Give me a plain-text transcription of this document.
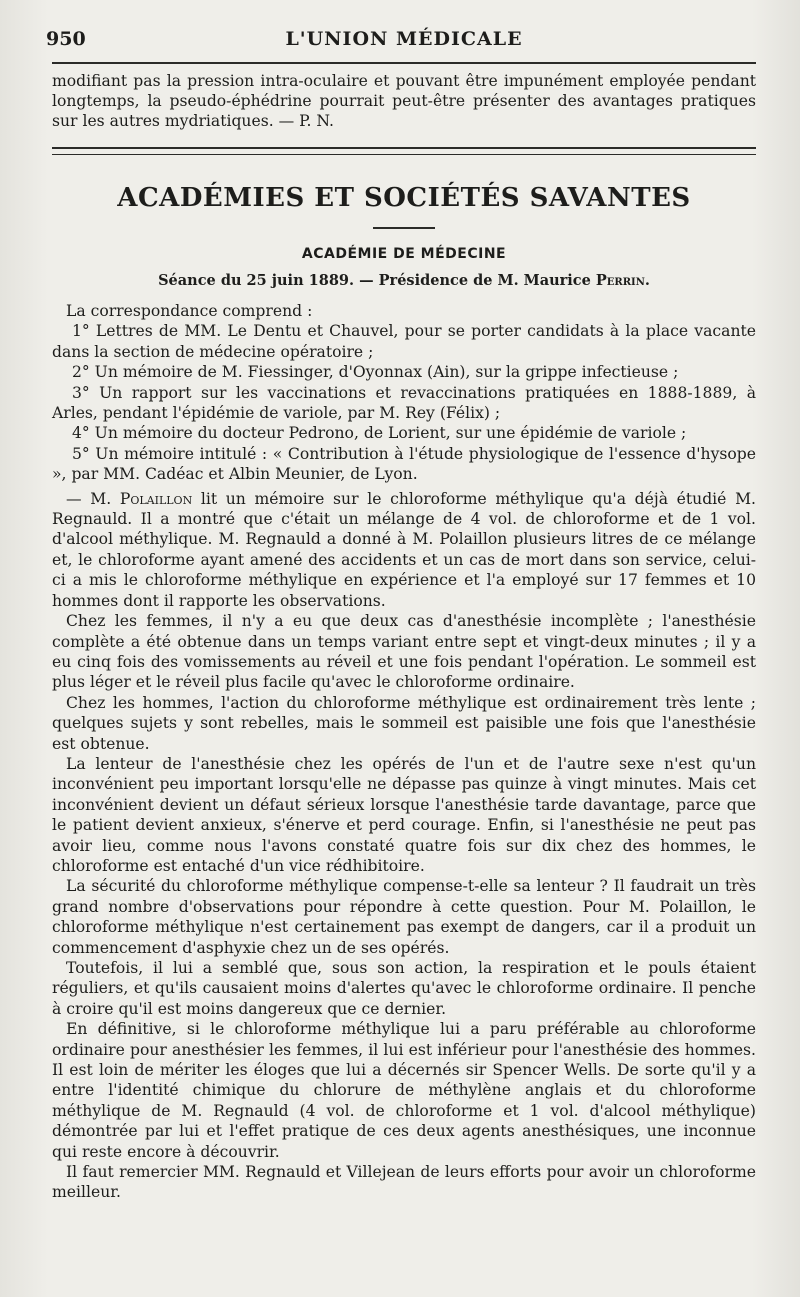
950	L'UNION MÉDICALE

modifiant pas la pression intra-oculaire et pouvant être impunément employée pendant longtemps, la pseudo-éphédrine pourrait peut-être présenter des avantages pratiques sur les autres mydriatiques. — P. N.

ACADÉMIES ET SOCIÉTÉS SAVANTES
ACADÉMIE DE MÉDECINE
Séance du 25 juin 1889. — Présidence de M. Maurice Perrin.

La correspondance comprend :

1° Lettres de MM. Le Dentu et Chauvel, pour se porter candidats à la place vacante dans la section de médecine opératoire ;

2° Un mémoire de M. Fiessinger, d'Oyonnax (Ain), sur la grippe infectieuse ;

3° Un rapport sur les vaccinations et revaccinations pratiquées en 1888-1889, à Arles, pendant l'épidémie de variole, par M. Rey (Félix) ;

4° Un mémoire du docteur Pedrono, de Lorient, sur une épidémie de variole ;

5° Un mémoire intitulé : « Contribution à l'étude physiologique de l'essence d'hysope », par MM. Cadéac et Albin Meunier, de Lyon.

— M. Polaillon lit un mémoire sur le chloroforme méthylique qu'a déjà étudié M. Regnauld. Il a montré que c'était un mélange de 4 vol. de chloroforme et de 1 vol. d'alcool méthylique. M. Regnauld a donné à M. Polaillon plusieurs litres de ce mélange et, le chloroforme ayant amené des accidents et un cas de mort dans son service, celui-ci a mis le chloroforme méthylique en expérience et l'a employé sur 17 femmes et 10 hommes dont il rapporte les observations.

Chez les femmes, il n'y a eu que deux cas d'anesthésie incomplète ; l'anesthésie complète a été obtenue dans un temps variant entre sept et vingt-deux minutes ; il y a eu cinq fois des vomissements au réveil et une fois pendant l'opération. Le sommeil est plus léger et le réveil plus facile qu'avec le chloroforme ordinaire.

Chez les hommes, l'action du chloroforme méthylique est ordinairement très lente ; quelques sujets y sont rebelles, mais le sommeil est paisible une fois que l'anesthésie est obtenue.

La lenteur de l'anesthésie chez les opérés de l'un et de l'autre sexe n'est qu'un inconvénient peu important lorsqu'elle ne dépasse pas quinze à vingt minutes. Mais cet inconvénient devient un défaut sérieux lorsque l'anesthésie tarde davantage, parce que le patient devient anxieux, s'énerve et perd courage. Enfin, si l'anesthésie ne peut pas avoir lieu, comme nous l'avons constaté quatre fois sur dix chez des hommes, le chloroforme est entaché d'un vice rédhibitoire.

La sécurité du chloroforme méthylique compense-t-elle sa lenteur ? Il faudrait un très grand nombre d'observations pour répondre à cette question. Pour M. Polaillon, le chloroforme méthylique n'est certainement pas exempt de dangers, car il a produit un commencement d'asphyxie chez un de ses opérés.

Toutefois, il lui a semblé que, sous son action, la respiration et le pouls étaient réguliers, et qu'ils causaient moins d'alertes qu'avec le chloroforme ordinaire. Il penche à croire qu'il est moins dangereux que ce dernier.

En définitive, si le chloroforme méthylique lui a paru préférable au chloroforme ordinaire pour anesthésier les femmes, il lui est inférieur pour l'anesthésie des hommes. Il est loin de mériter les éloges que lui a décernés sir Spencer Wells. De sorte qu'il y a entre l'identité chimique du chlorure de méthylène anglais et du chloroforme méthylique de M. Regnauld (4 vol. de chloroforme et 1 vol. d'alcool méthylique) démontrée par lui et l'effet pratique de ces deux agents anesthésiques, une inconnue qui reste encore à découvrir.

Il faut remercier MM. Regnauld et Villejean de leurs efforts pour avoir un chloroforme meilleur.
